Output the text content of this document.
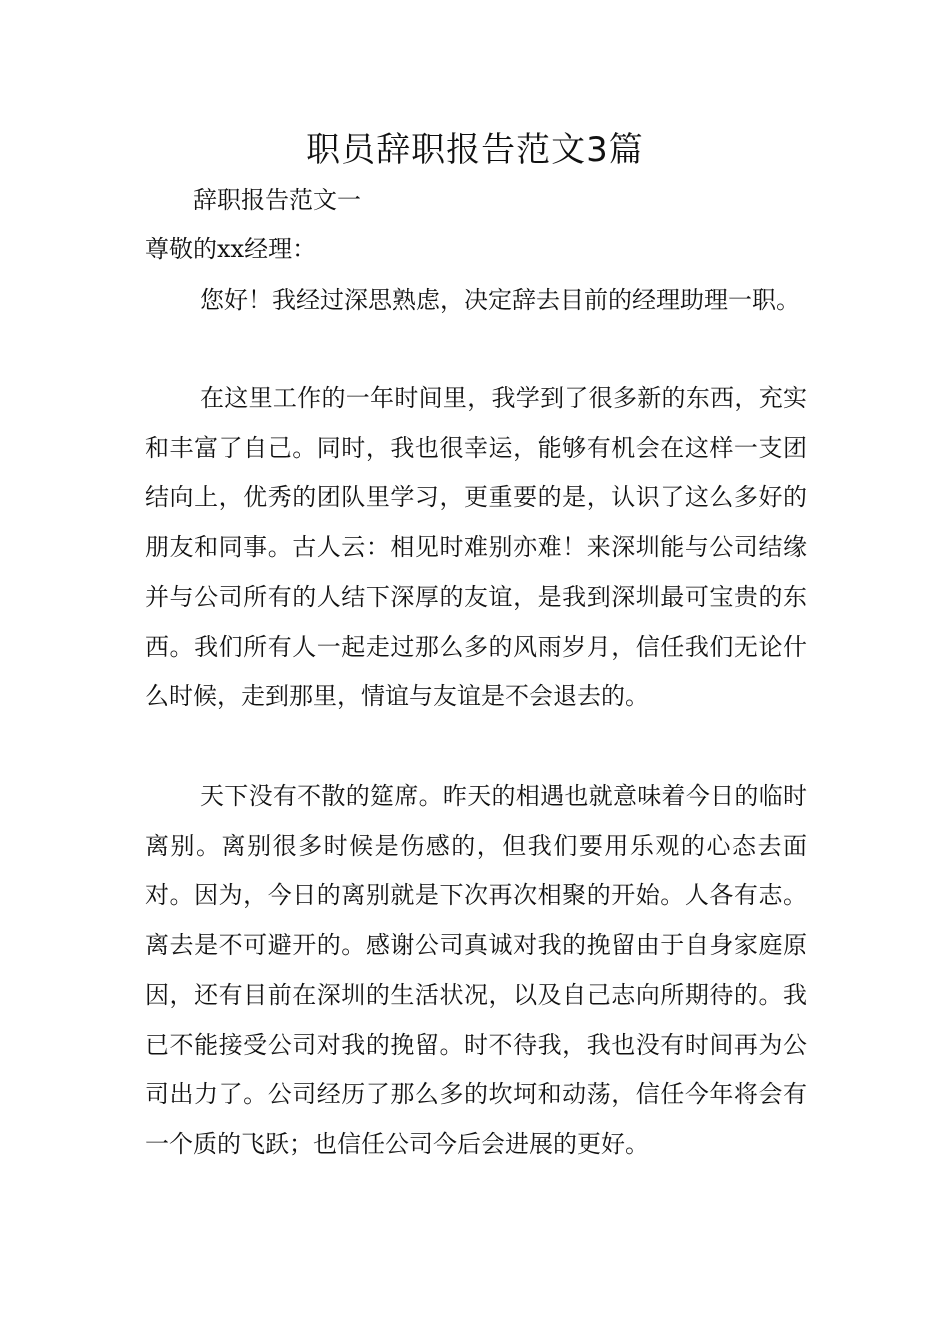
职员辞职报告范文3篇

辞职报告范文一

尊敬的xx经理：

您好！我经过深思熟虑，决定辞去目前的经理助理一职。

在这里工作的一年时间里，我学到了很多新的东西，充实和丰富了自己。同时，我也很幸运，能够有机会在这样一支团结向上，优秀的团队里学习，更重要的是，认识了这么多好的朋友和同事。古人云：相见时难别亦难！来深圳能与公司结缘并与公司所有的人结下深厚的友谊，是我到深圳最可宝贵的东西。我们所有人一起走过那么多的风雨岁月，信任我们无论什么时候，走到那里，情谊与友谊是不会退去的。

天下没有不散的筵席。昨天的相遇也就意味着今日的临时离别。离别很多时候是伤感的，但我们要用乐观的心态去面对。因为，今日的离别就是下次再次相聚的开始。人各有志。离去是不可避开的。感谢公司真诚对我的挽留由于自身家庭原因，还有目前在深圳的生活状况，以及自己志向所期待的。我已不能接受公司对我的挽留。时不待我，我也没有时间再为公司出力了。公司经历了那么多的坎坷和动荡，信任今年将会有一个质的飞跃；也信任公司今后会进展的更好。
